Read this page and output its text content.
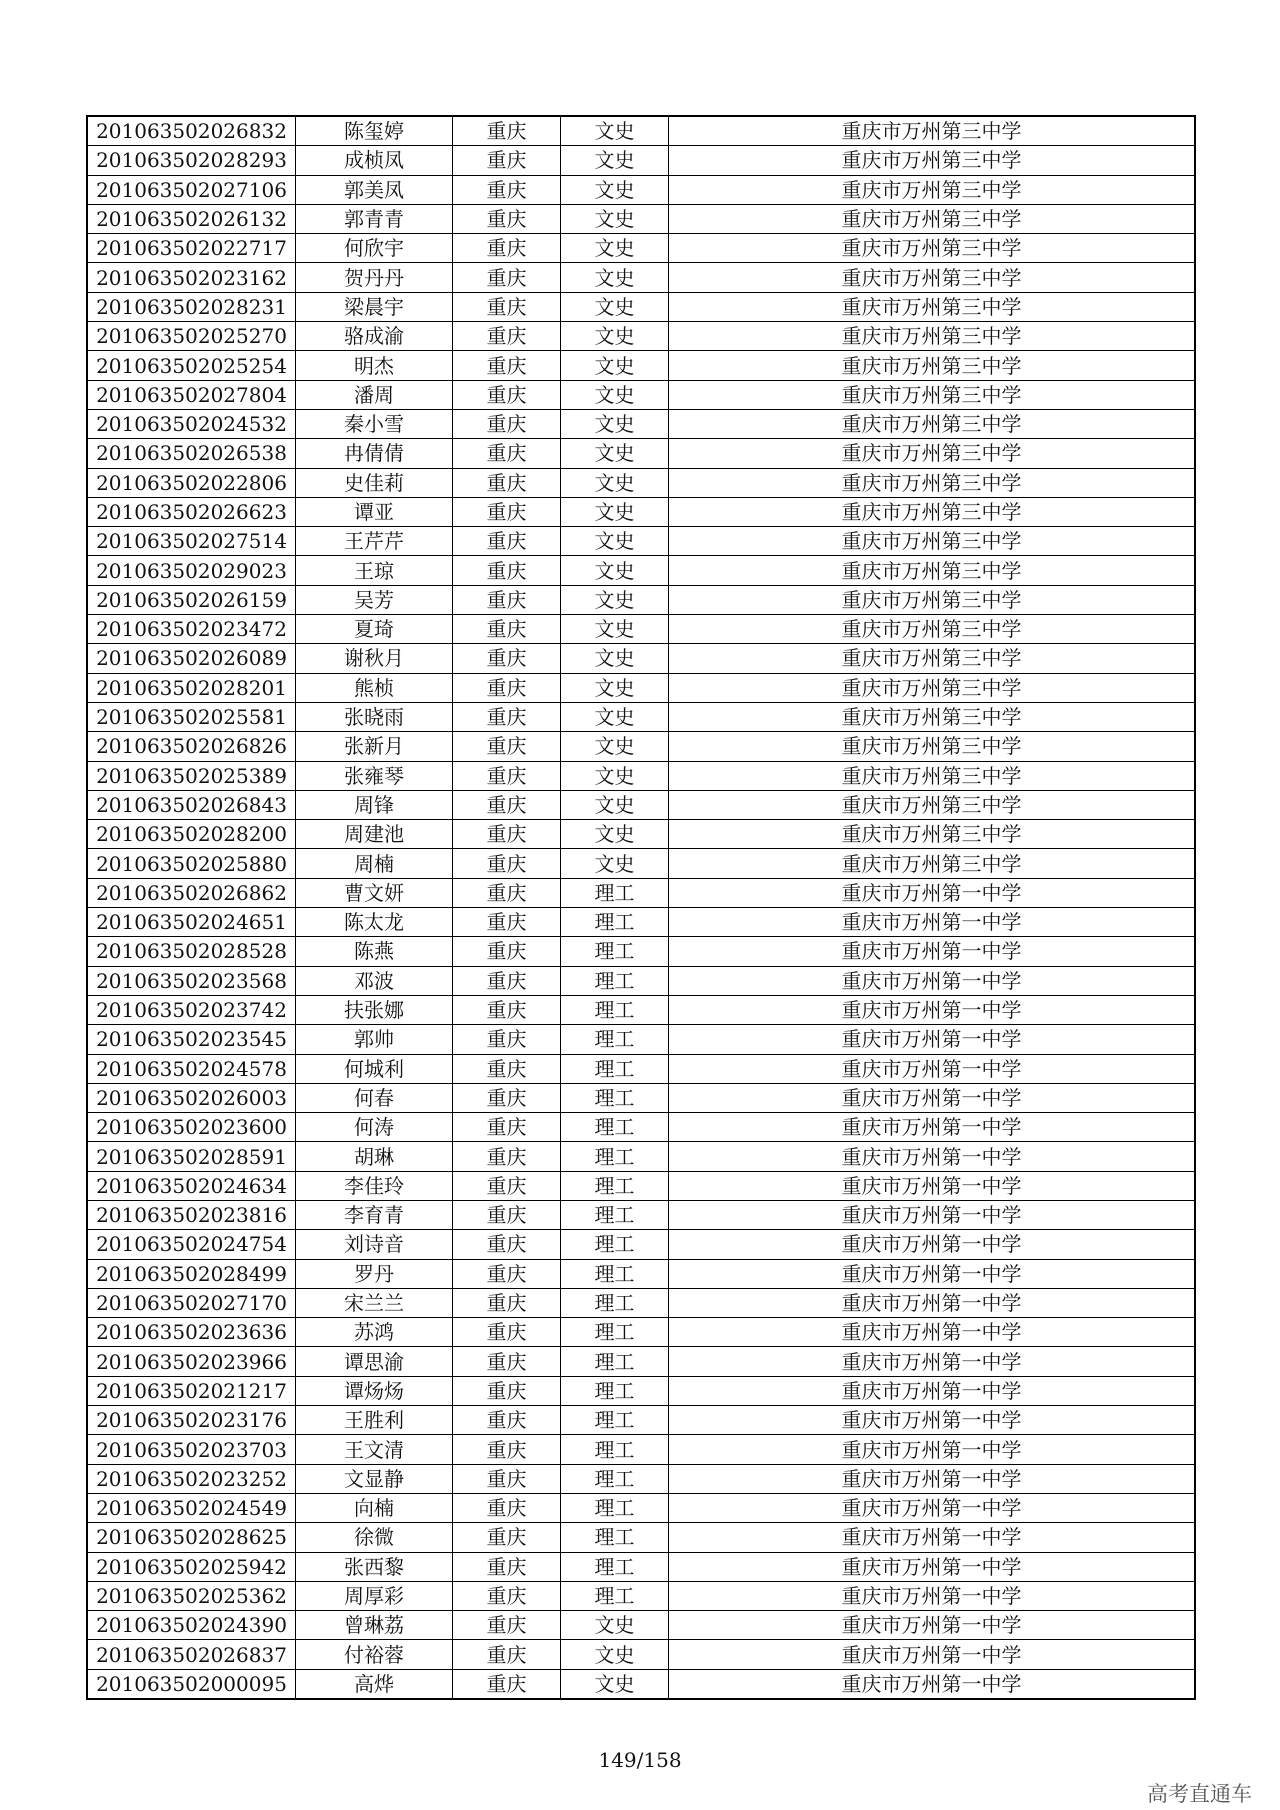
201063502026832	陈玺婷	重庆	文史	重庆市万州第三中学
201063502028293	成桢凤	重庆	文史	重庆市万州第三中学
201063502027106	郭美凤	重庆	文史	重庆市万州第三中学
201063502026132	郭青青	重庆	文史	重庆市万州第三中学
201063502022717	何欣宇	重庆	文史	重庆市万州第三中学
201063502023162	贺丹丹	重庆	文史	重庆市万州第三中学
201063502028231	梁晨宇	重庆	文史	重庆市万州第三中学
201063502025270	骆成渝	重庆	文史	重庆市万州第三中学
201063502025254	明杰	重庆	文史	重庆市万州第三中学
201063502027804	潘周	重庆	文史	重庆市万州第三中学
201063502024532	秦小雪	重庆	文史	重庆市万州第三中学
201063502026538	冉倩倩	重庆	文史	重庆市万州第三中学
201063502022806	史佳莉	重庆	文史	重庆市万州第三中学
201063502026623	谭亚	重庆	文史	重庆市万州第三中学
201063502027514	王芹芹	重庆	文史	重庆市万州第三中学
201063502029023	王琼	重庆	文史	重庆市万州第三中学
201063502026159	吴芳	重庆	文史	重庆市万州第三中学
201063502023472	夏琦	重庆	文史	重庆市万州第三中学
201063502026089	谢秋月	重庆	文史	重庆市万州第三中学
201063502028201	熊桢	重庆	文史	重庆市万州第三中学
201063502025581	张晓雨	重庆	文史	重庆市万州第三中学
201063502026826	张新月	重庆	文史	重庆市万州第三中学
201063502025389	张雍琴	重庆	文史	重庆市万州第三中学
201063502026843	周锋	重庆	文史	重庆市万州第三中学
201063502028200	周建池	重庆	文史	重庆市万州第三中学
201063502025880	周楠	重庆	文史	重庆市万州第三中学
201063502026862	曹文妍	重庆	理工	重庆市万州第一中学
201063502024651	陈太龙	重庆	理工	重庆市万州第一中学
201063502028528	陈燕	重庆	理工	重庆市万州第一中学
201063502023568	邓波	重庆	理工	重庆市万州第一中学
201063502023742	扶张娜	重庆	理工	重庆市万州第一中学
201063502023545	郭帅	重庆	理工	重庆市万州第一中学
201063502024578	何城利	重庆	理工	重庆市万州第一中学
201063502026003	何春	重庆	理工	重庆市万州第一中学
201063502023600	何涛	重庆	理工	重庆市万州第一中学
201063502028591	胡琳	重庆	理工	重庆市万州第一中学
201063502024634	李佳玲	重庆	理工	重庆市万州第一中学
201063502023816	李育青	重庆	理工	重庆市万州第一中学
201063502024754	刘诗音	重庆	理工	重庆市万州第一中学
201063502028499	罗丹	重庆	理工	重庆市万州第一中学
201063502027170	宋兰兰	重庆	理工	重庆市万州第一中学
201063502023636	苏鸿	重庆	理工	重庆市万州第一中学
201063502023966	谭思渝	重庆	理工	重庆市万州第一中学
201063502021217	谭炀炀	重庆	理工	重庆市万州第一中学
201063502023176	王胜利	重庆	理工	重庆市万州第一中学
201063502023703	王文清	重庆	理工	重庆市万州第一中学
201063502023252	文显静	重庆	理工	重庆市万州第一中学
201063502024549	向楠	重庆	理工	重庆市万州第一中学
201063502028625	徐微	重庆	理工	重庆市万州第一中学
201063502025942	张西黎	重庆	理工	重庆市万州第一中学
201063502025362	周厚彩	重庆	理工	重庆市万州第一中学
201063502024390	曾琳荔	重庆	文史	重庆市万州第一中学
201063502026837	付裕蓉	重庆	文史	重庆市万州第一中学
201063502000095	高烨	重庆	文史	重庆市万州第一中学
149/158
高考直通车
